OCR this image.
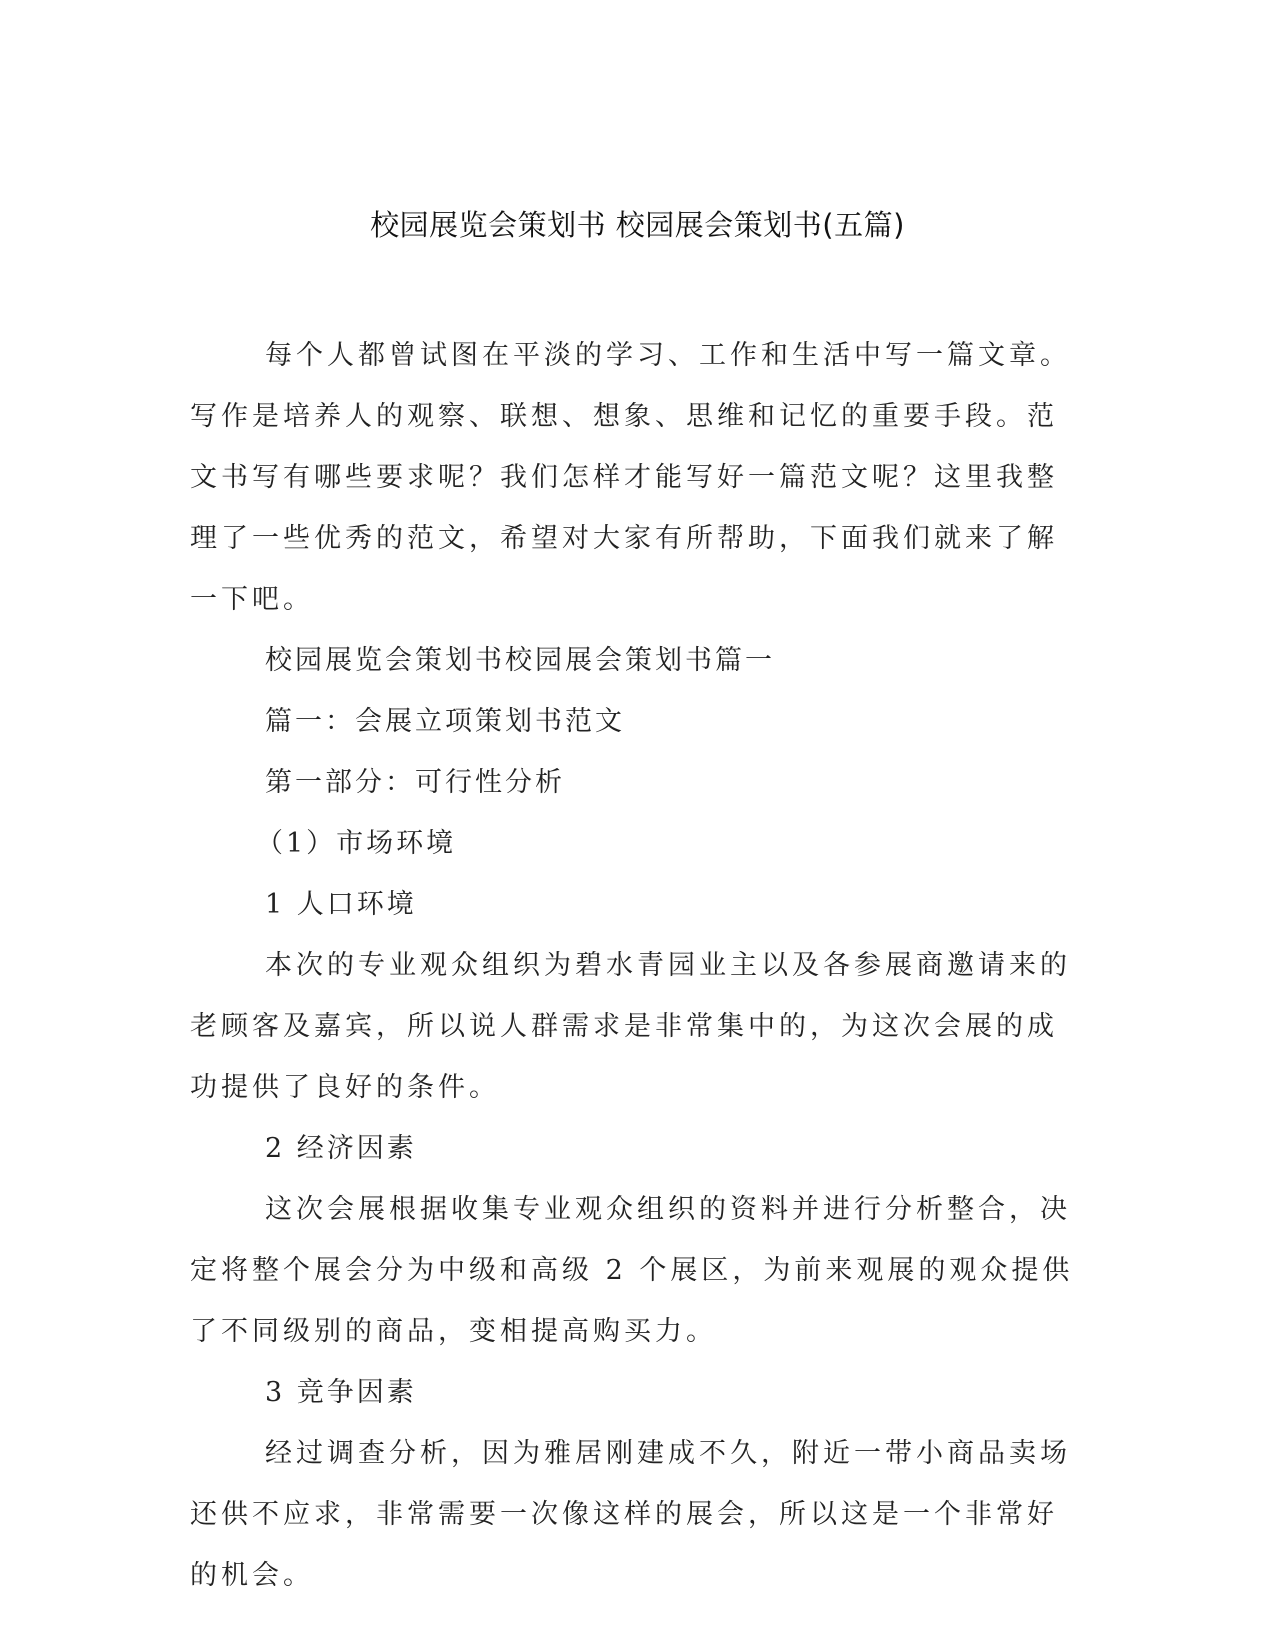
校园展览会策划书 校园展会策划书(五篇)

每个人都曾试图在平淡的学习、工作和生活中写一篇文章。写作是培养人的观察、联想、想象、思维和记忆的重要手段。范文书写有哪些要求呢？我们怎样才能写好一篇范文呢？这里我整理了一些优秀的范文，希望对大家有所帮助，下面我们就来了解一下吧。

校园展览会策划书校园展会策划书篇一

篇一：会展立项策划书范文

第一部分：可行性分析

（1）市场环境

1 人口环境

本次的专业观众组织为碧水青园业主以及各参展商邀请来的老顾客及嘉宾，所以说人群需求是非常集中的，为这次会展的成功提供了良好的条件。

2 经济因素

这次会展根据收集专业观众组织的资料并进行分析整合，决定将整个展会分为中级和高级 2 个展区，为前来观展的观众提供了不同级别的商品，变相提高购买力。

3 竞争因素

经过调查分析，因为雅居刚建成不久，附近一带小商品卖场还供不应求，非常需要一次像这样的展会，所以这是一个非常好的机会。
